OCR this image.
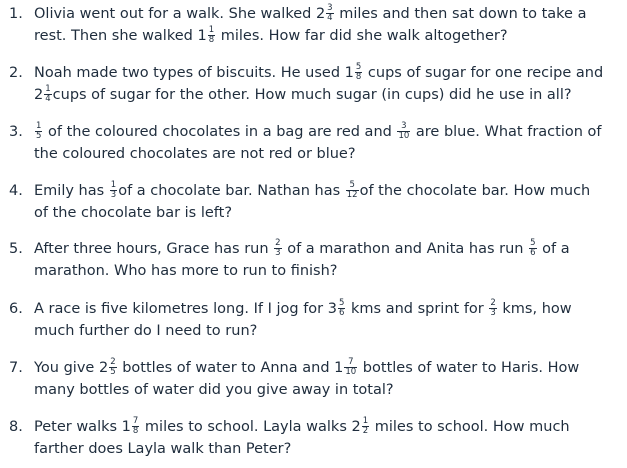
1. Olivia went out for a walk. She walked $2 \frac{3}{4}$ miles and then sat down to take a
rest. Then she walked $1 \frac{1}{8}$ miles. How far did she walk altogether?
2. Noah made two types of biscuits. He used $1 \frac{5}{8}$ cups of sugar for one recipe and
$2 \frac{1}{4}$ cups of sugar for the other. How much sugar (in cups) did he use in all?
3. $\frac{1}{5}$ of the coloured chocolates in a bag are red and $\frac{3}{10}$ are blue. What fraction of
the coloured chocolates are not red or blue?
4. Emily has $\frac{1}{3}$ of a chocolate bar. Nathan has $\frac{5}{12}$ of the chocolate bar. How much
of the chocolate bar is left?
5. After three hours, Grace has run $\frac{2}{3}$ of a marathon and Anita has run $\frac{5}{6}$ of a
marathon. Who has more to run to finish?
6. A race is five kilometres long. If I jog for $3 \frac{5}{6}$ kms and sprint for $\frac{2}{3}$ kms, how
much further do I need to run?
7. You give $2 \frac{2}{5}$ bottles of water to Anna and $1 \frac{7}{10}$ bottles of water to Haris. How
many bottles of water did you give away in total?
8. Peter walks $1 \frac{7}{8}$ miles to school. Layla walks $2 \frac{1}{2}$ miles to school. How much
farther does Layla walk than Peter?
